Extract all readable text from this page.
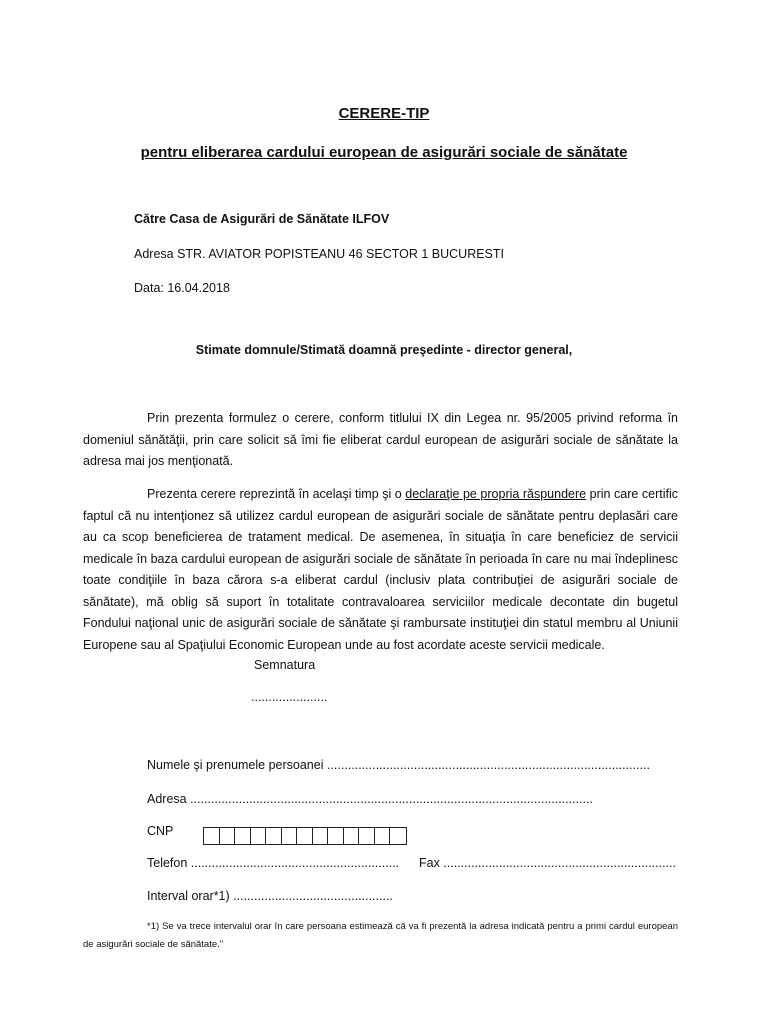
CERERE-TIP
pentru eliberarea cardului european de asigurări sociale de sănătate
Către Casa de Asigurări de Sănătate ILFOV
Adresa STR. AVIATOR POPISTEANU 46 SECTOR 1 BUCURESTI
Data: 16.04.2018
Stimate domnule/Stimată doamnă preşedinte - director general,

Prin prezenta formulez o cerere, conform titlului IX din Legea nr. 95/2005 privind reforma în domeniul sănătăţii, prin care solicit să îmi fie eliberat cardul european de asigurări sociale de sănătate la adresa mai jos menţionată.

Prezenta cerere reprezintă în acelaşi timp şi o declaraţie pe propria răspundere prin care certific faptul că nu intenţionez să utilizez cardul european de asigurări sociale de sănătate pentru deplasări care au ca scop beneficierea de tratament medical. De asemenea, în situaţia în care beneficiez de servicii medicale în baza cardului european de asigurări sociale de sănătate în perioada în care nu mai îndeplinesc toate condiţiile în baza cărora s-a eliberat cardul (inclusiv plata contribuţiei de asigurări sociale de sănătate), mă oblig să suport în totalitate contravaloarea serviciilor medicale decontate din bugetul Fondului naţional unic de asigurări sociale de sănătate şi rambursate instituţiei din statul membru al Uniunii Europene sau al Spaţiului Economic European unde au fost acordate aceste servicii medicale.

Semnatura
......................
Numele şi prenumele persoanei .............................................................................................
Adresa ....................................................................................................................
CNP
Telefon ............................................................ Fax ...................................................................
Interval orar*1) ..............................................

*1) Se va trece intervalul orar în care persoana estimează că va fi prezentă la adresa indicată pentru a primi cardul european de asigurări sociale de sănătate."
